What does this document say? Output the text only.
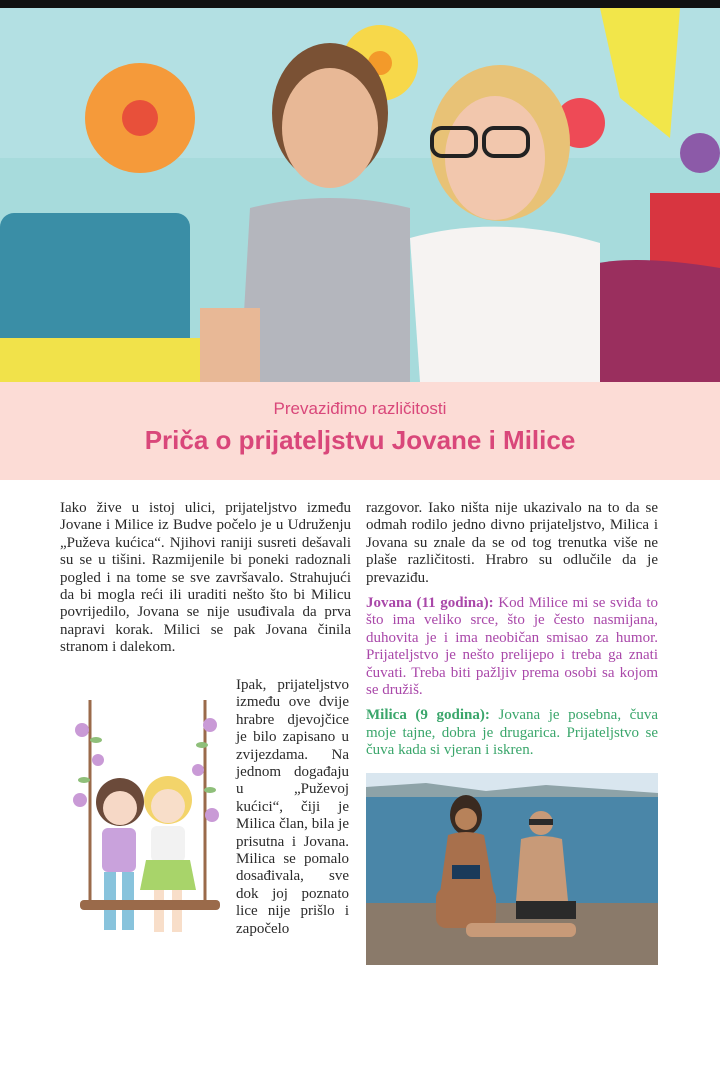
Prevaziđimo različitosti
Priča o prijateljstvu Jovane i Milice

Iako žive u istoj ulici, prijateljstvo između Jovane i Milice iz Budve počelo je u Udruženju „Puževa kućica“. Njihovi raniji susreti dešavali su se u tišini. Razmijenile bi poneki radoznali pogled i na tome se sve završavalo. Strahujući da bi mogla reći ili uraditi nešto što bi Milicu povrijedilo, Jovana se nije usuđivala da prva napravi korak. Milici se pak Jovana činila stranom i dalekom.

Ipak, prijateljstvo između ove dvije hrabre djevojčice je bilo zapisano u zvijezdama. Na jednom događaju u „Puževoj kućici“, čiji je Milica član, bila je prisutna i Jovana. Milica se pomalo dosađivala, sve dok joj poznato lice nije prišlo i započelo

razgovor. Iako ništa nije ukazivalo na to da se odmah rodilo jedno divno prijateljstvo, Milica i Jovana su znale da se od tog trenutka više ne plaše različitosti. Hrabro su odlučile da je prevaziđu.

Jovana (11 godina): Kod Milice mi se sviđa to što ima veliko srce, što je često nasmijana, duhovita je i ima neobičan smisao za humor. Prijateljstvo je nešto prelijepo i treba ga znati čuvati. Treba biti pažljiv prema osobi sa kojom se družiš.

Milica (9 godina): Jovana je posebna, čuva moje tajne, dobra je drugarica. Prijateljstvo se čuva kada si vjeran i iskren.
